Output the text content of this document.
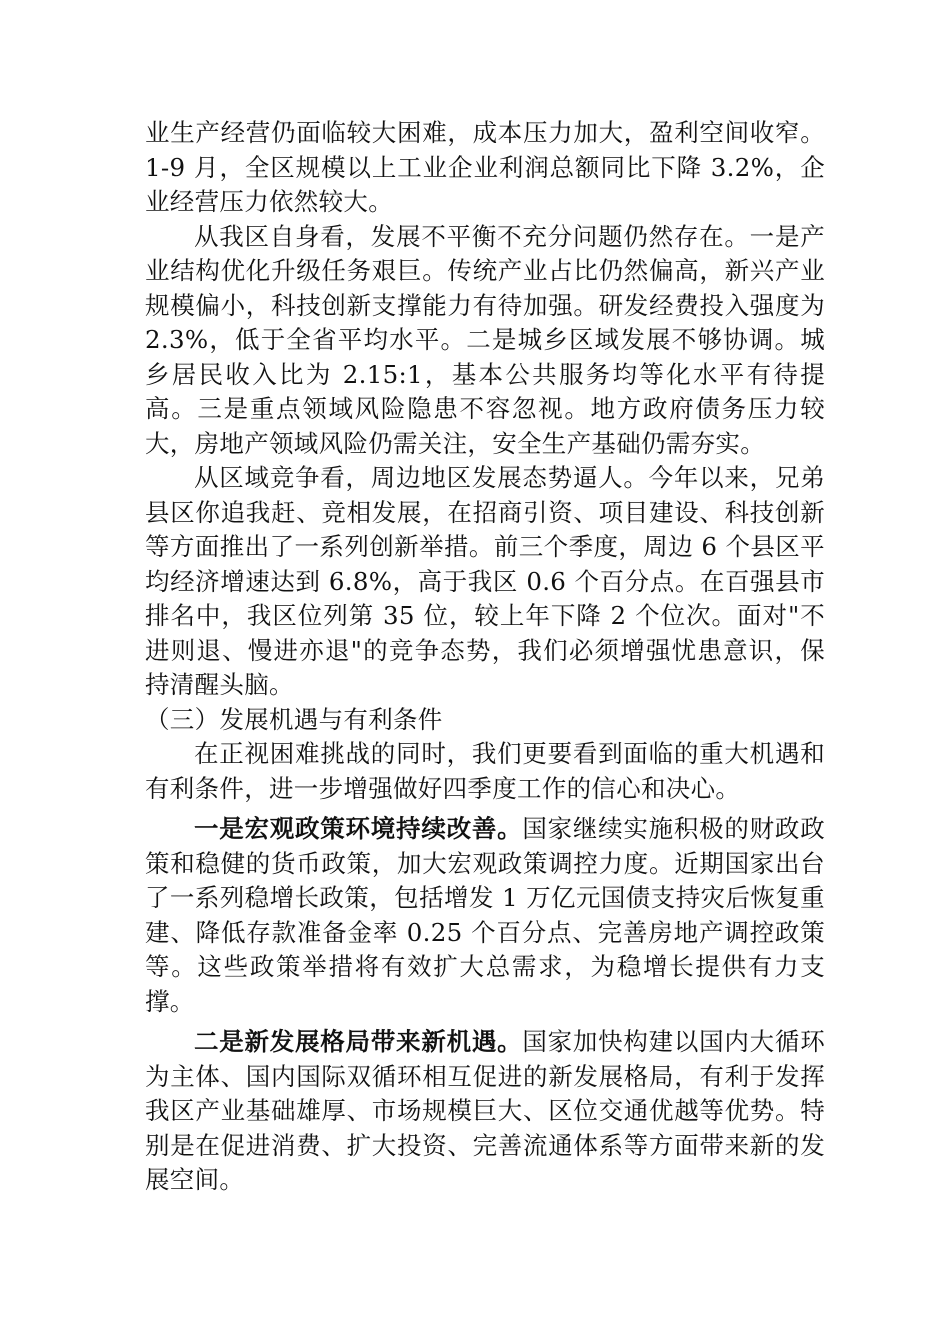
业生产经营仍面临较大困难，成本压力加大，盈利空间收窄。1-9 月，全区规模以上工业企业利润总额同比下降 3.2%，企业经营压力依然较大。

从我区自身看，发展不平衡不充分问题仍然存在。一是产业结构优化升级任务艰巨。传统产业占比仍然偏高，新兴产业规模偏小，科技创新支撑能力有待加强。研发经费投入强度为 2.3%，低于全省平均水平。二是城乡区域发展不够协调。城乡居民收入比为 2.15:1，基本公共服务均等化水平有待提高。三是重点领域风险隐患不容忽视。地方政府债务压力较大，房地产领域风险仍需关注，安全生产基础仍需夯实。

从区域竞争看，周边地区发展态势逼人。今年以来，兄弟县区你追我赶、竞相发展，在招商引资、项目建设、科技创新等方面推出了一系列创新举措。前三个季度，周边 6 个县区平均经济增速达到 6.8%，高于我区 0.6 个百分点。在百强县市排名中，我区位列第 35 位，较上年下降 2 个位次。面对"不进则退、慢进亦退"的竞争态势，我们必须增强忧患意识，保持清醒头脑。

（三）发展机遇与有利条件

在正视困难挑战的同时，我们更要看到面临的重大机遇和有利条件，进一步增强做好四季度工作的信心和决心。

一是宏观政策环境持续改善。国家继续实施积极的财政政策和稳健的货币政策，加大宏观政策调控力度。近期国家出台了一系列稳增长政策，包括增发 1 万亿元国债支持灾后恢复重建、降低存款准备金率 0.25 个百分点、完善房地产调控政策等。这些政策举措将有效扩大总需求，为稳增长提供有力支撑。

二是新发展格局带来新机遇。国家加快构建以国内大循环为主体、国内国际双循环相互促进的新发展格局，有利于发挥我区产业基础雄厚、市场规模巨大、区位交通优越等优势。特别是在促进消费、扩大投资、完善流通体系等方面带来新的发展空间。
